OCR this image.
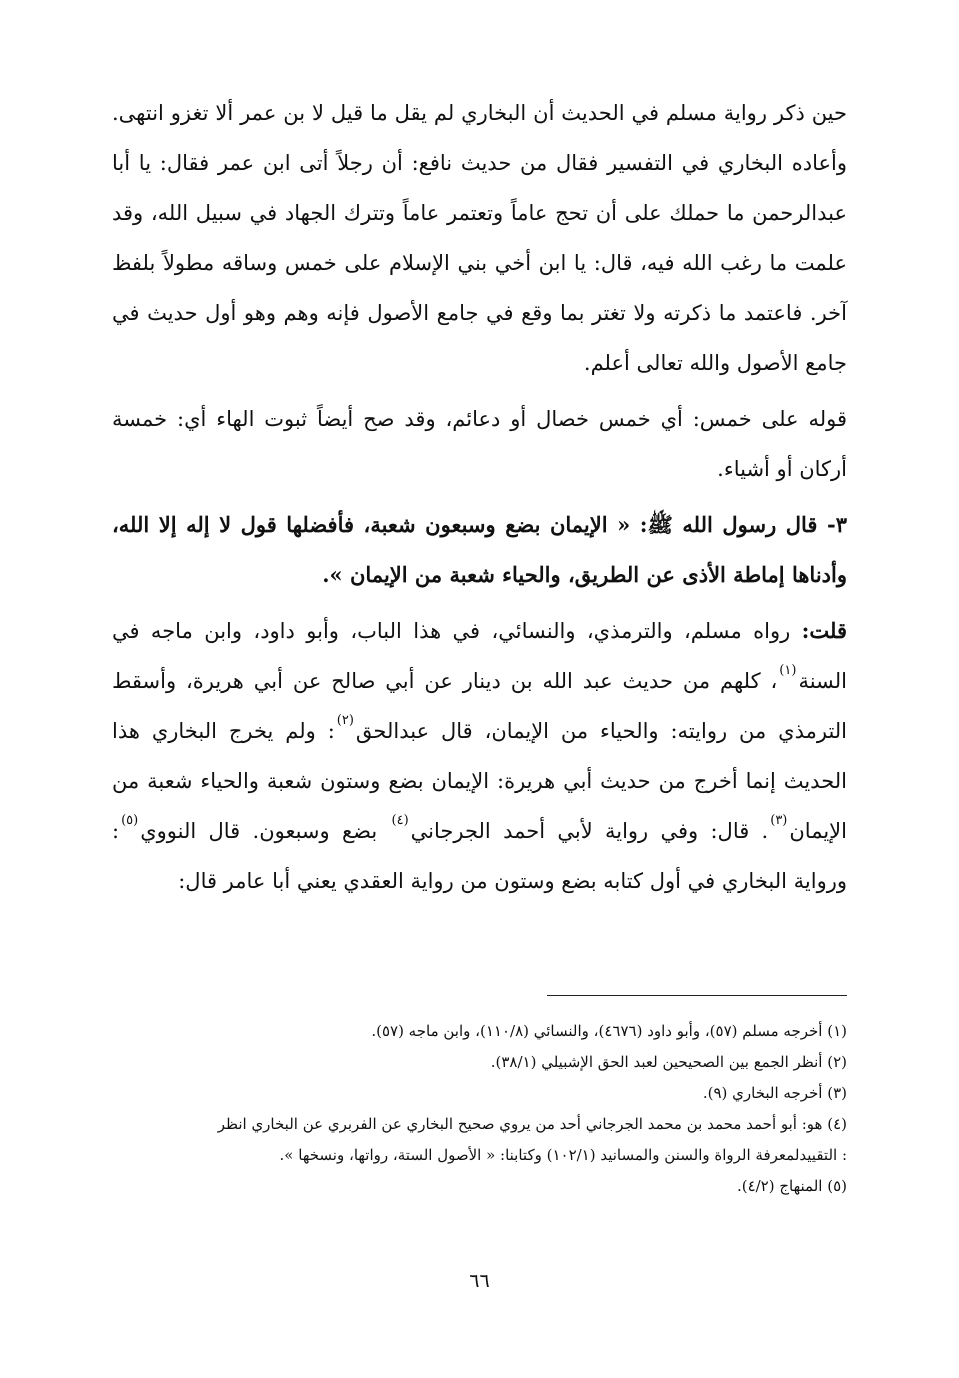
حين ذكر رواية مسلم في الحديث أن البخاري لم يقل ما قيل لا بن عمر ألا تغزو انتهى. وأعاده البخاري في التفسير فقال من حديث نافع: أن رجلاً أتى ابن عمر فقال: يا أبا عبدالرحمن ما حملك على أن تحج عاماً وتعتمر عاماً وتترك الجهاد في سبيل الله، وقد علمت ما رغب الله فيه، قال: يا ابن أخي بني الإسلام على خمس وساقه مطولاً بلفظ آخر. فاعتمد ما ذكرته ولا تغتر بما وقع في جامع الأصول فإنه وهم وهو أول حديث في جامع الأصول والله تعالى أعلم.

قوله على خمس: أي خمس خصال أو دعائم، وقد صح أيضاً ثبوت الهاء أي: خمسة أركان أو أشياء.

٣- قال رسول الله ﷺ: « الإيمان بضع وسبعون شعبة، فأفضلها قول لا إله إلا الله، وأدناها إماطة الأذى عن الطريق، والحياء شعبة من الإيمان ».

قلت: رواه مسلم، والترمذي، والنسائي، في هذا الباب، وأبو داود، وابن ماجه في السنة$^{(١)}$، كلهم من حديث عبد الله بن دينار عن أبي صالح عن أبي هريرة، وأسقط الترمذي من روايته: والحياء من الإيمان، قال عبدالحق$^{(٢)}$: ولم يخرج البخاري هذا الحديث إنما أخرج من حديث أبي هريرة: الإيمان بضع وستون شعبة والحياء شعبة من الإيمان$^{(٣)}$. قال: وفي رواية لأبي أحمد الجرجاني$^{(٤)}$ بضع وسبعون. قال النووي$^{(٥)}$: ورواية البخاري في أول كتابه بضع وستون من رواية العقدي يعني أبا عامر قال:

(١) أخرجه مسلم (٥٧)، وأبو داود (٤٦٧٦)، والنسائي (١١٠/٨)، وابن ماجه (٥٧).
(٢) أنظر الجمع بين الصحيحين لعبد الحق الإشبيلي (٣٨/١).
(٣) أخرجه البخاري (٩).
(٤) هو: أبو أحمد محمد بن محمد الجرجاني أحد من يروي صحيح البخاري عن الفربري عن البخاري انظر
: التقييدلمعرفة الرواة والسنن والمسانيد (١٠٢/١) وكتابنا: « الأصول الستة، رواتها، ونسخها ».
(٥) المنهاج (٤/٢).
٦٦
